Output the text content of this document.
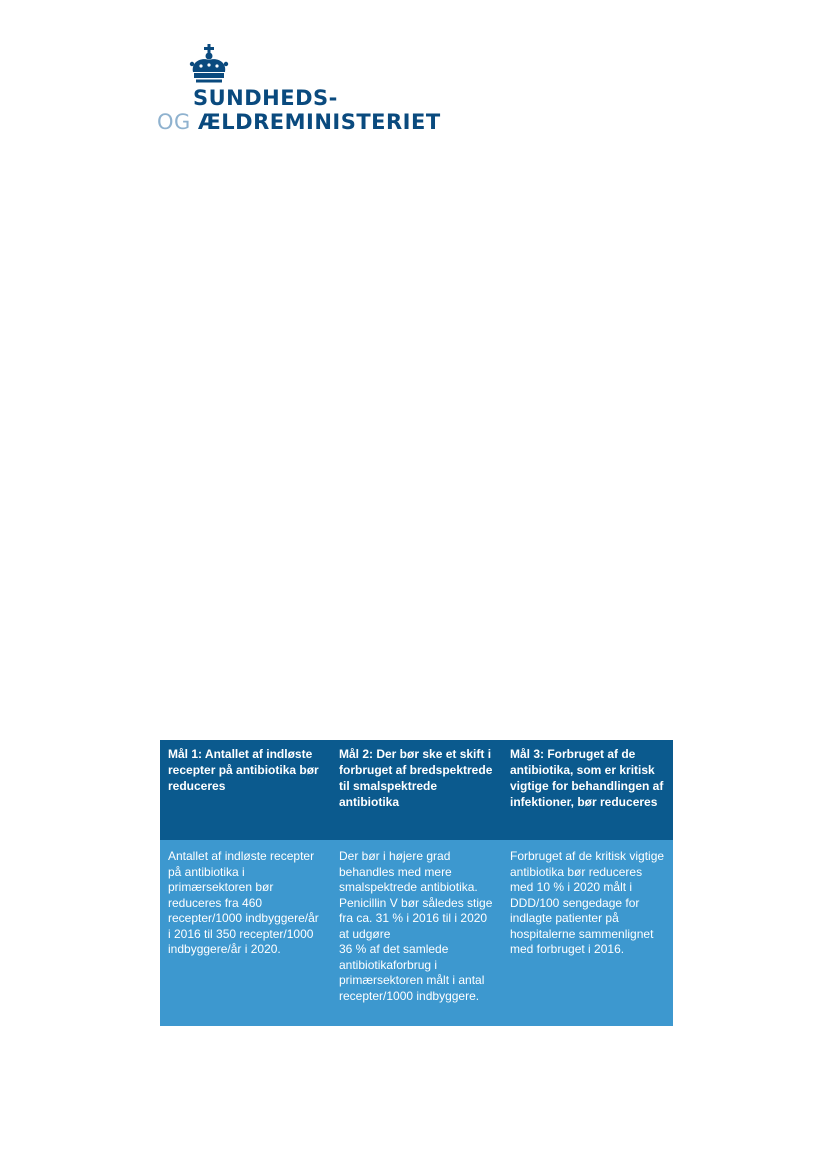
SUNDHEDS-
OG ÆLDREMINISTERIET
Mål 1: Antallet af indløste recepter på antibiotika bør reduceres
Mål 2: Der bør ske et skift i forbruget af bredspektrede til smalspektrede antibiotika
Mål 3: Forbruget af de antibiotika, som er kritisk vigtige for behandlingen af infektioner, bør reduceres
Antallet af indløste recepter på antibiotika i primærsektoren bør reduceres fra 460 recepter/1000 indbyggere/år i 2016 til 350 recepter/1000 indbyggere/år i 2020.
Der bør i højere grad behandles med mere smalspektrede antibiotika. Penicillin V bør således stige fra ca. 31 % i 2016 til i 2020 at udgøre
36 % af det samlede antibiotikaforbrug i primærsektoren målt i antal recepter/1000 indbyggere.
Forbruget af de kritisk vigtige antibiotika bør reduceres med 10 % i 2020 målt i DDD/100 sengedage for indlagte patienter på hospitalerne sammenlignet med forbruget i 2016.
